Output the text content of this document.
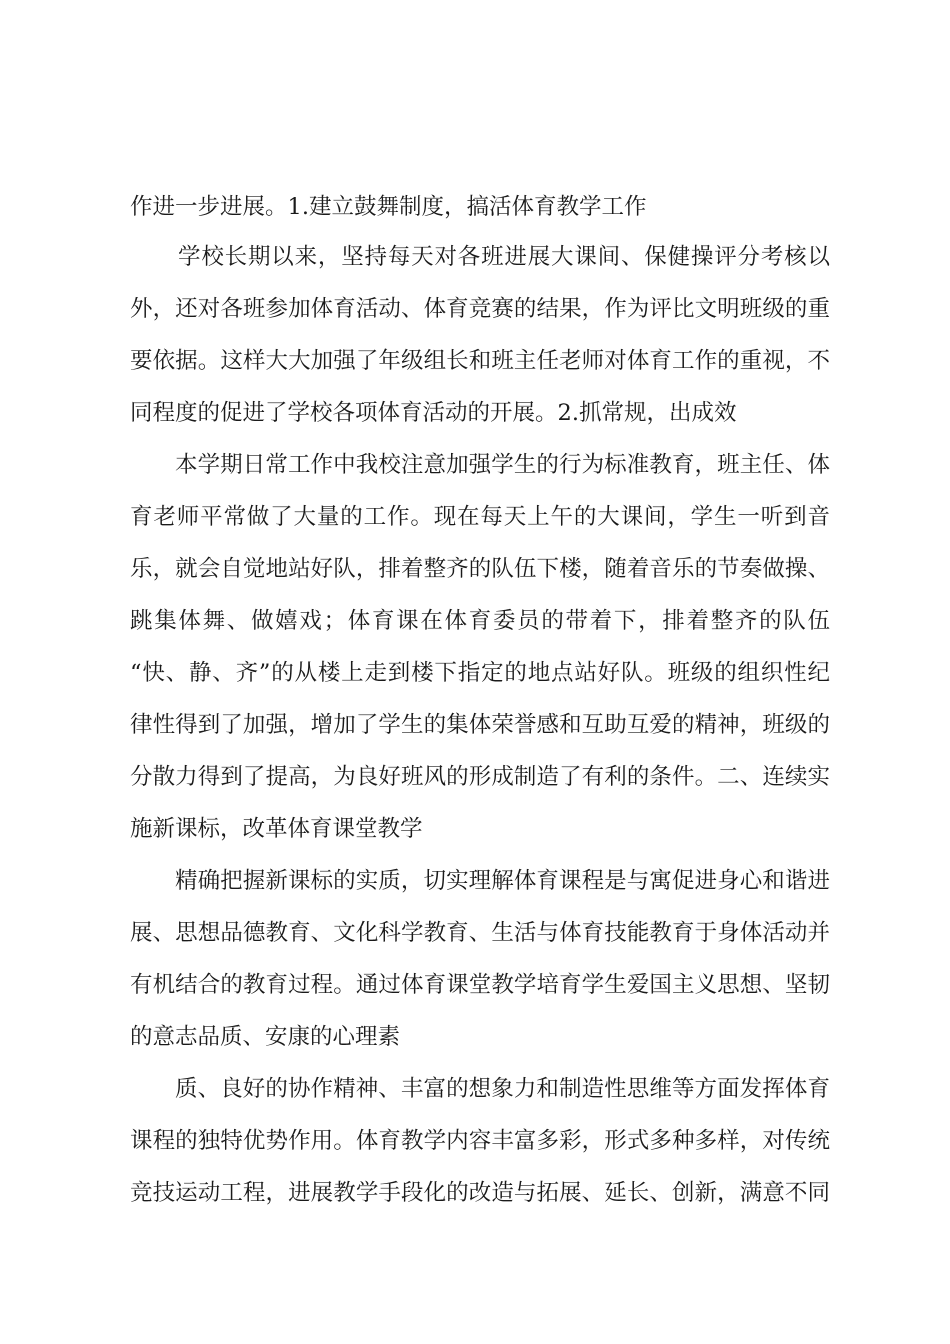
作进一步进展。1.建立鼓舞制度，搞活体育教学工作
学校长期以来，坚持每天对各班进展大课间、保健操评分考核以
外，还对各班参加体育活动、体育竞赛的结果，作为评比文明班级的重
要依据。这样大大加强了年级组长和班主任老师对体育工作的重视，不
同程度的促进了学校各项体育活动的开展。2.抓常规，出成效
本学期日常工作中我校注意加强学生的行为标准教育，班主任、体
育老师平常做了大量的工作。现在每天上午的大课间，学生一听到音
乐，就会自觉地站好队，排着整齐的队伍下楼，随着音乐的节奏做操、
跳集体舞、做嬉戏；体育课在体育委员的带着下，排着整齐的队伍
“快、静、齐”的从楼上走到楼下指定的地点站好队。班级的组织性纪
律性得到了加强，增加了学生的集体荣誉感和互助互爱的精神，班级的
分散力得到了提高，为良好班风的形成制造了有利的条件。二、连续实
施新课标，改革体育课堂教学
精确把握新课标的实质，切实理解体育课程是与寓促进身心和谐进
展、思想品德教育、文化科学教育、生活与体育技能教育于身体活动并
有机结合的教育过程。通过体育课堂教学培育学生爱国主义思想、坚韧
的意志品质、安康的心理素
质、良好的协作精神、丰富的想象力和制造性思维等方面发挥体育
课程的独特优势作用。体育教学内容丰富多彩，形式多种多样，对传统
竞技运动工程，进展教学手段化的改造与拓展、延长、创新，满意不同
